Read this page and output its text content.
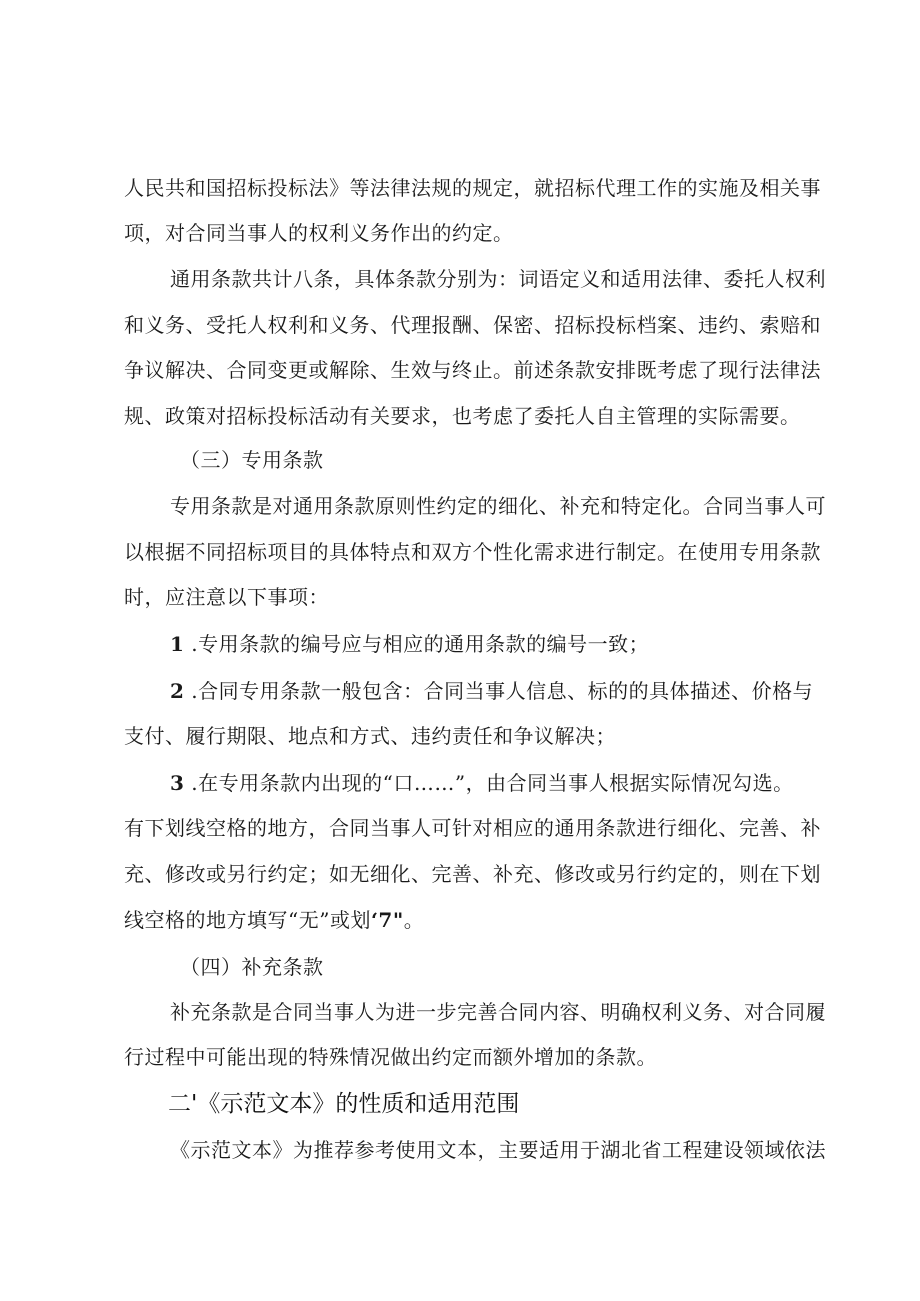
人民共和国招标投标法》等法律法规的规定，就招标代理工作的实施及相关事
项，对合同当事人的权利义务作出的约定。
通用条款共计八条，具体条款分别为：词语定义和适用法律、委托人权利
和义务、受托人权利和义务、代理报酬、保密、招标投标档案、违约、索赔和
争议解决、合同变更或解除、生效与终止。前述条款安排既考虑了现行法律法
规、政策对招标投标活动有关要求，也考虑了委托人自主管理的实际需要。
（三）专用条款
专用条款是对通用条款原则性约定的细化、补充和特定化。合同当事人可
以根据不同招标项目的具体特点和双方个性化需求进行制定。在使用专用条款
时，应注意以下事项：
1 .专用条款的编号应与相应的通用条款的编号一致；
2 .合同专用条款一般包含：合同当事人信息、标的的具体描述、价格与
支付、履行期限、地点和方式、违约责任和争议解决；
3 .在专用条款内出现的“口……”，由合同当事人根据实际情况勾选。
有下划线空格的地方，合同当事人可针对相应的通用条款进行细化、完善、补
充、修改或另行约定；如无细化、完善、补充、修改或另行约定的，则在下划
线空格的地方填写“无”或划‘7"。
（四）补充条款
补充条款是合同当事人为进一步完善合同内容、明确权利义务、对合同履
行过程中可能出现的特殊情况做出约定而额外增加的条款。
二'《示范文本》的性质和适用范围
《示范文本》为推荐参考使用文本，主要适用于湖北省工程建设领域依法
